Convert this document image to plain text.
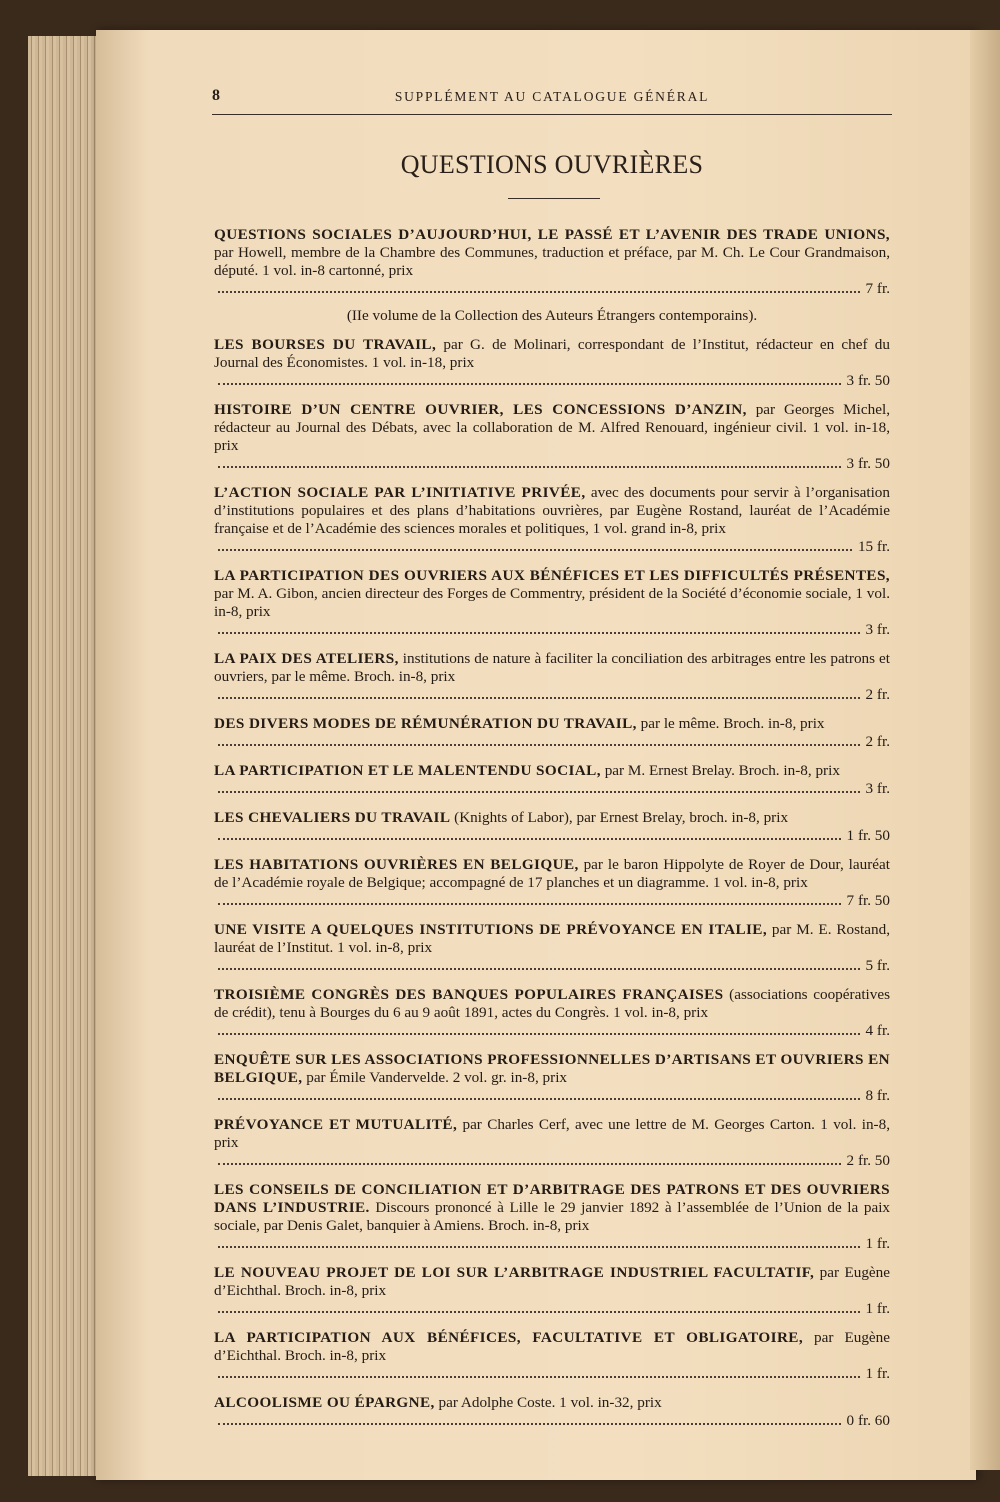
8	SUPPLÉMENT AU CATALOGUE GÉNÉRAL
QUESTIONS OUVRIÈRES
QUESTIONS SOCIALES D’AUJOURD’HUI, LE PASSÉ ET L’AVENIR DES TRADE UNIONS, par Howell, membre de la Chambre des Communes, traduction et préface, par M. Ch. Le Cour Grandmaison, député. 1 vol. in-8 cartonné, prix
7 fr.
(IIe volume de la Collection des Auteurs Étrangers contemporains).
LES BOURSES DU TRAVAIL, par G. de Molinari, correspondant de l’Institut, rédacteur en chef du Journal des Économistes. 1 vol. in-18, prix
3 fr. 50
HISTOIRE D’UN CENTRE OUVRIER, LES CONCESSIONS D’ANZIN, par Georges Michel, rédacteur au Journal des Débats, avec la collaboration de M. Alfred Renouard, ingénieur civil. 1 vol. in-18, prix
3 fr. 50
L’ACTION SOCIALE PAR L’INITIATIVE PRIVÉE, avec des documents pour servir à l’organisation d’institutions populaires et des plans d’habitations ouvrières, par Eugène Rostand, lauréat de l’Académie française et de l’Académie des sciences morales et politiques, 1 vol. grand in-8, prix
15 fr.
LA PARTICIPATION DES OUVRIERS AUX BÉNÉFICES ET LES DIFFICULTÉS PRÉSENTES, par M. A. Gibon, ancien directeur des Forges de Commentry, président de la Société d’économie sociale, 1 vol. in-8, prix
3 fr.
LA PAIX DES ATELIERS, institutions de nature à faciliter la conciliation des arbitrages entre les patrons et ouvriers, par le même. Broch. in-8, prix
2 fr.
DES DIVERS MODES DE RÉMUNÉRATION DU TRAVAIL, par le même. Broch. in-8, prix
2 fr.
LA PARTICIPATION ET LE MALENTENDU SOCIAL, par M. Ernest Brelay. Broch. in-8, prix
3 fr.
LES CHEVALIERS DU TRAVAIL (Knights of Labor), par Ernest Brelay, broch. in-8, prix
1 fr. 50
LES HABITATIONS OUVRIÈRES EN BELGIQUE, par le baron Hippolyte de Royer de Dour, lauréat de l’Académie royale de Belgique; accompagné de 17 planches et un diagramme. 1 vol. in-8, prix
7 fr. 50
UNE VISITE A QUELQUES INSTITUTIONS DE PRÉVOYANCE EN ITALIE, par M. E. Rostand, lauréat de l’Institut. 1 vol. in-8, prix
5 fr.
TROISIÈME CONGRÈS DES BANQUES POPULAIRES FRANÇAISES (associations coopératives de crédit), tenu à Bourges du 6 au 9 août 1891, actes du Congrès. 1 vol. in-8, prix
4 fr.
ENQUÊTE SUR LES ASSOCIATIONS PROFESSIONNELLES D’ARTISANS ET OUVRIERS EN BELGIQUE, par Émile Vandervelde. 2 vol. gr. in-8, prix
8 fr.
PRÉVOYANCE ET MUTUALITÉ, par Charles Cerf, avec une lettre de M. Georges Carton. 1 vol. in-8, prix
2 fr. 50
LES CONSEILS DE CONCILIATION ET D’ARBITRAGE DES PATRONS ET DES OUVRIERS DANS L’INDUSTRIE. Discours prononcé à Lille le 29 janvier 1892 à l’assemblée de l’Union de la paix sociale, par Denis Galet, banquier à Amiens. Broch. in-8, prix
1 fr.
LE NOUVEAU PROJET DE LOI SUR L’ARBITRAGE INDUSTRIEL FACULTATIF, par Eugène d’Eichthal. Broch. in-8, prix
1 fr.
LA PARTICIPATION AUX BÉNÉFICES, FACULTATIVE ET OBLIGATOIRE, par Eugène d’Eichthal. Broch. in-8, prix
1 fr.
ALCOOLISME OU ÉPARGNE, par Adolphe Coste. 1 vol. in-32, prix
0 fr. 60
